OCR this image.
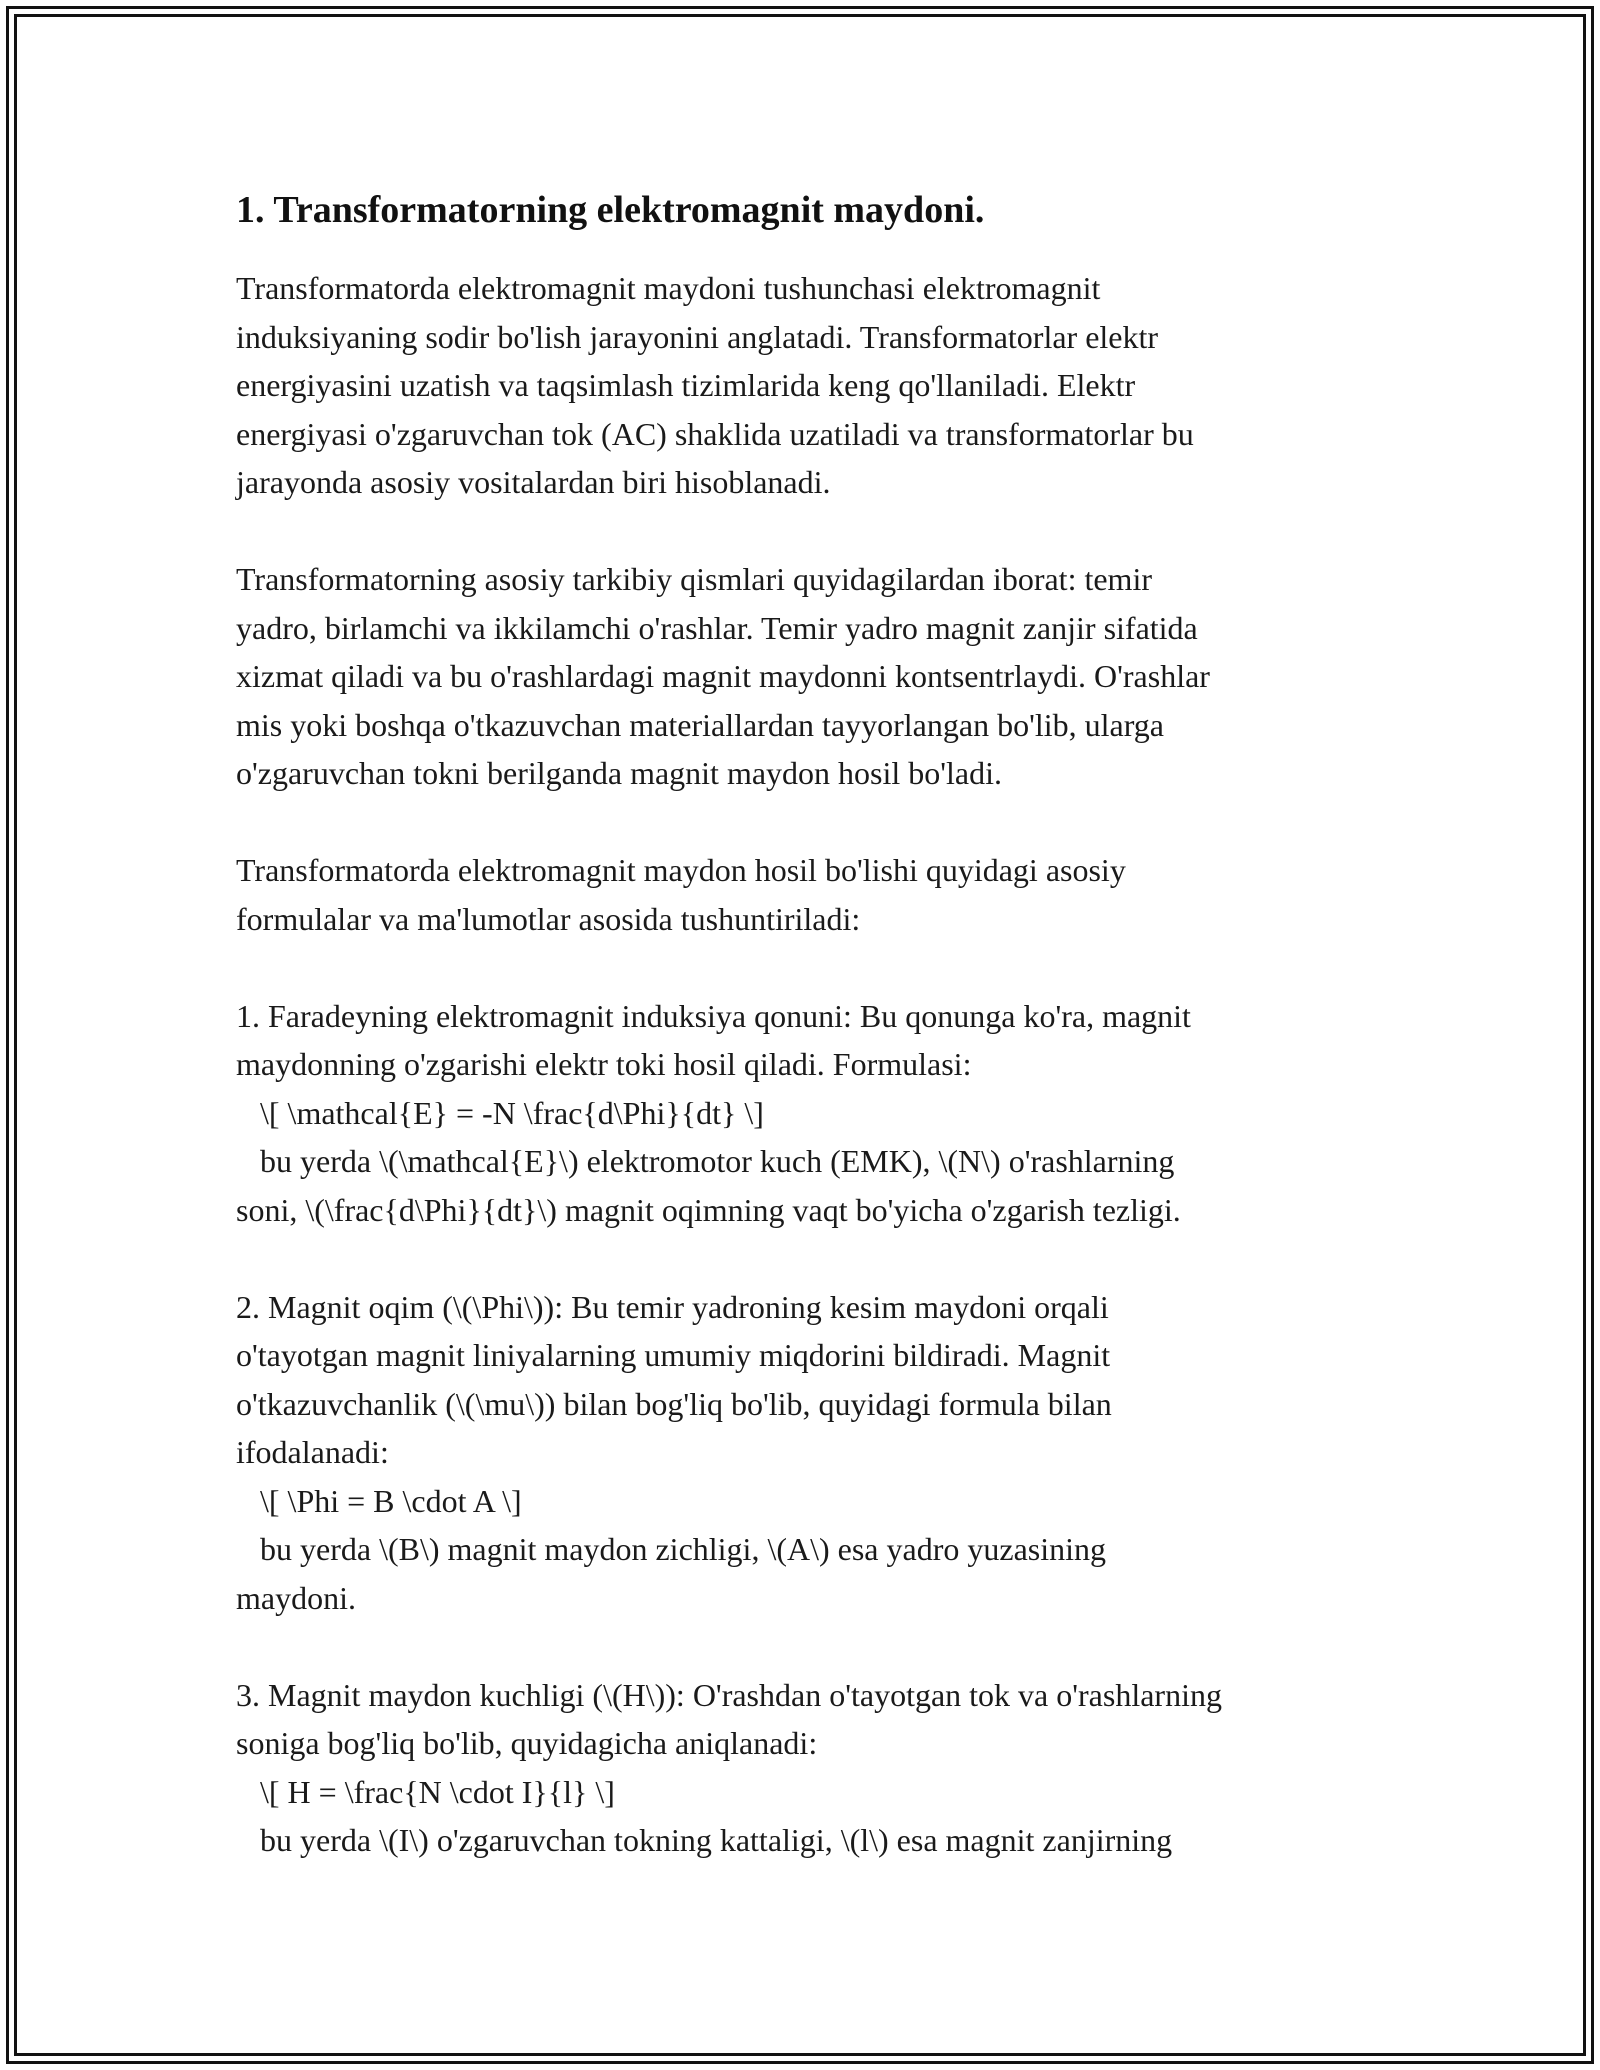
1. Transformatorning elektromagnit maydoni.

Transformatorda elektromagnit maydoni tushunchasi elektromagnit
induksiyaning sodir bo'lish jarayonini anglatadi. Transformatorlar elektr
energiyasini uzatish va taqsimlash tizimlarida keng qo'llaniladi. Elektr
energiyasi o'zgaruvchan tok (AC) shaklida uzatiladi va transformatorlar bu
jarayonda asosiy vositalardan biri hisoblanadi.

Transformatorning asosiy tarkibiy qismlari quyidagilardan iborat: temir
yadro, birlamchi va ikkilamchi o'rashlar. Temir yadro magnit zanjir sifatida
xizmat qiladi va bu o'rashlardagi magnit maydonni kontsentrlaydi. O'rashlar
mis yoki boshqa o'tkazuvchan materiallardan tayyorlangan bo'lib, ularga
o'zgaruvchan tokni berilganda magnit maydon hosil bo'ladi.

Transformatorda elektromagnit maydon hosil bo'lishi quyidagi asosiy
formulalar va ma'lumotlar asosida tushuntiriladi:

1. Faradeyning elektromagnit induksiya qonuni: Bu qonunga ko'ra, magnit
maydonning o'zgarishi elektr toki hosil qiladi. Formulasi:
\[ \mathcal{E} = -N \frac{d\Phi}{dt} \]
bu yerda \(\mathcal{E}\) elektromotor kuch (EMK), \(N\) o'rashlarning
soni, \(\frac{d\Phi}{dt}\) magnit oqimning vaqt bo'yicha o'zgarish tezligi.

2. Magnit oqim (\(\Phi\)): Bu temir yadroning kesim maydoni orqali
o'tayotgan magnit liniyalarning umumiy miqdorini bildiradi. Magnit
o'tkazuvchanlik (\(\mu\)) bilan bog'liq bo'lib, quyidagi formula bilan
ifodalanadi:
\[ \Phi = B \cdot A \]
bu yerda \(B\) magnit maydon zichligi, \(A\) esa yadro yuzasining
maydoni.

3. Magnit maydon kuchligi (\(H\)): O'rashdan o'tayotgan tok va o'rashlarning
soniga bog'liq bo'lib, quyidagicha aniqlanadi:
\[ H = \frac{N \cdot I}{l} \]
bu yerda \(I\) o'zgaruvchan tokning kattaligi, \(l\) esa magnit zanjirning
